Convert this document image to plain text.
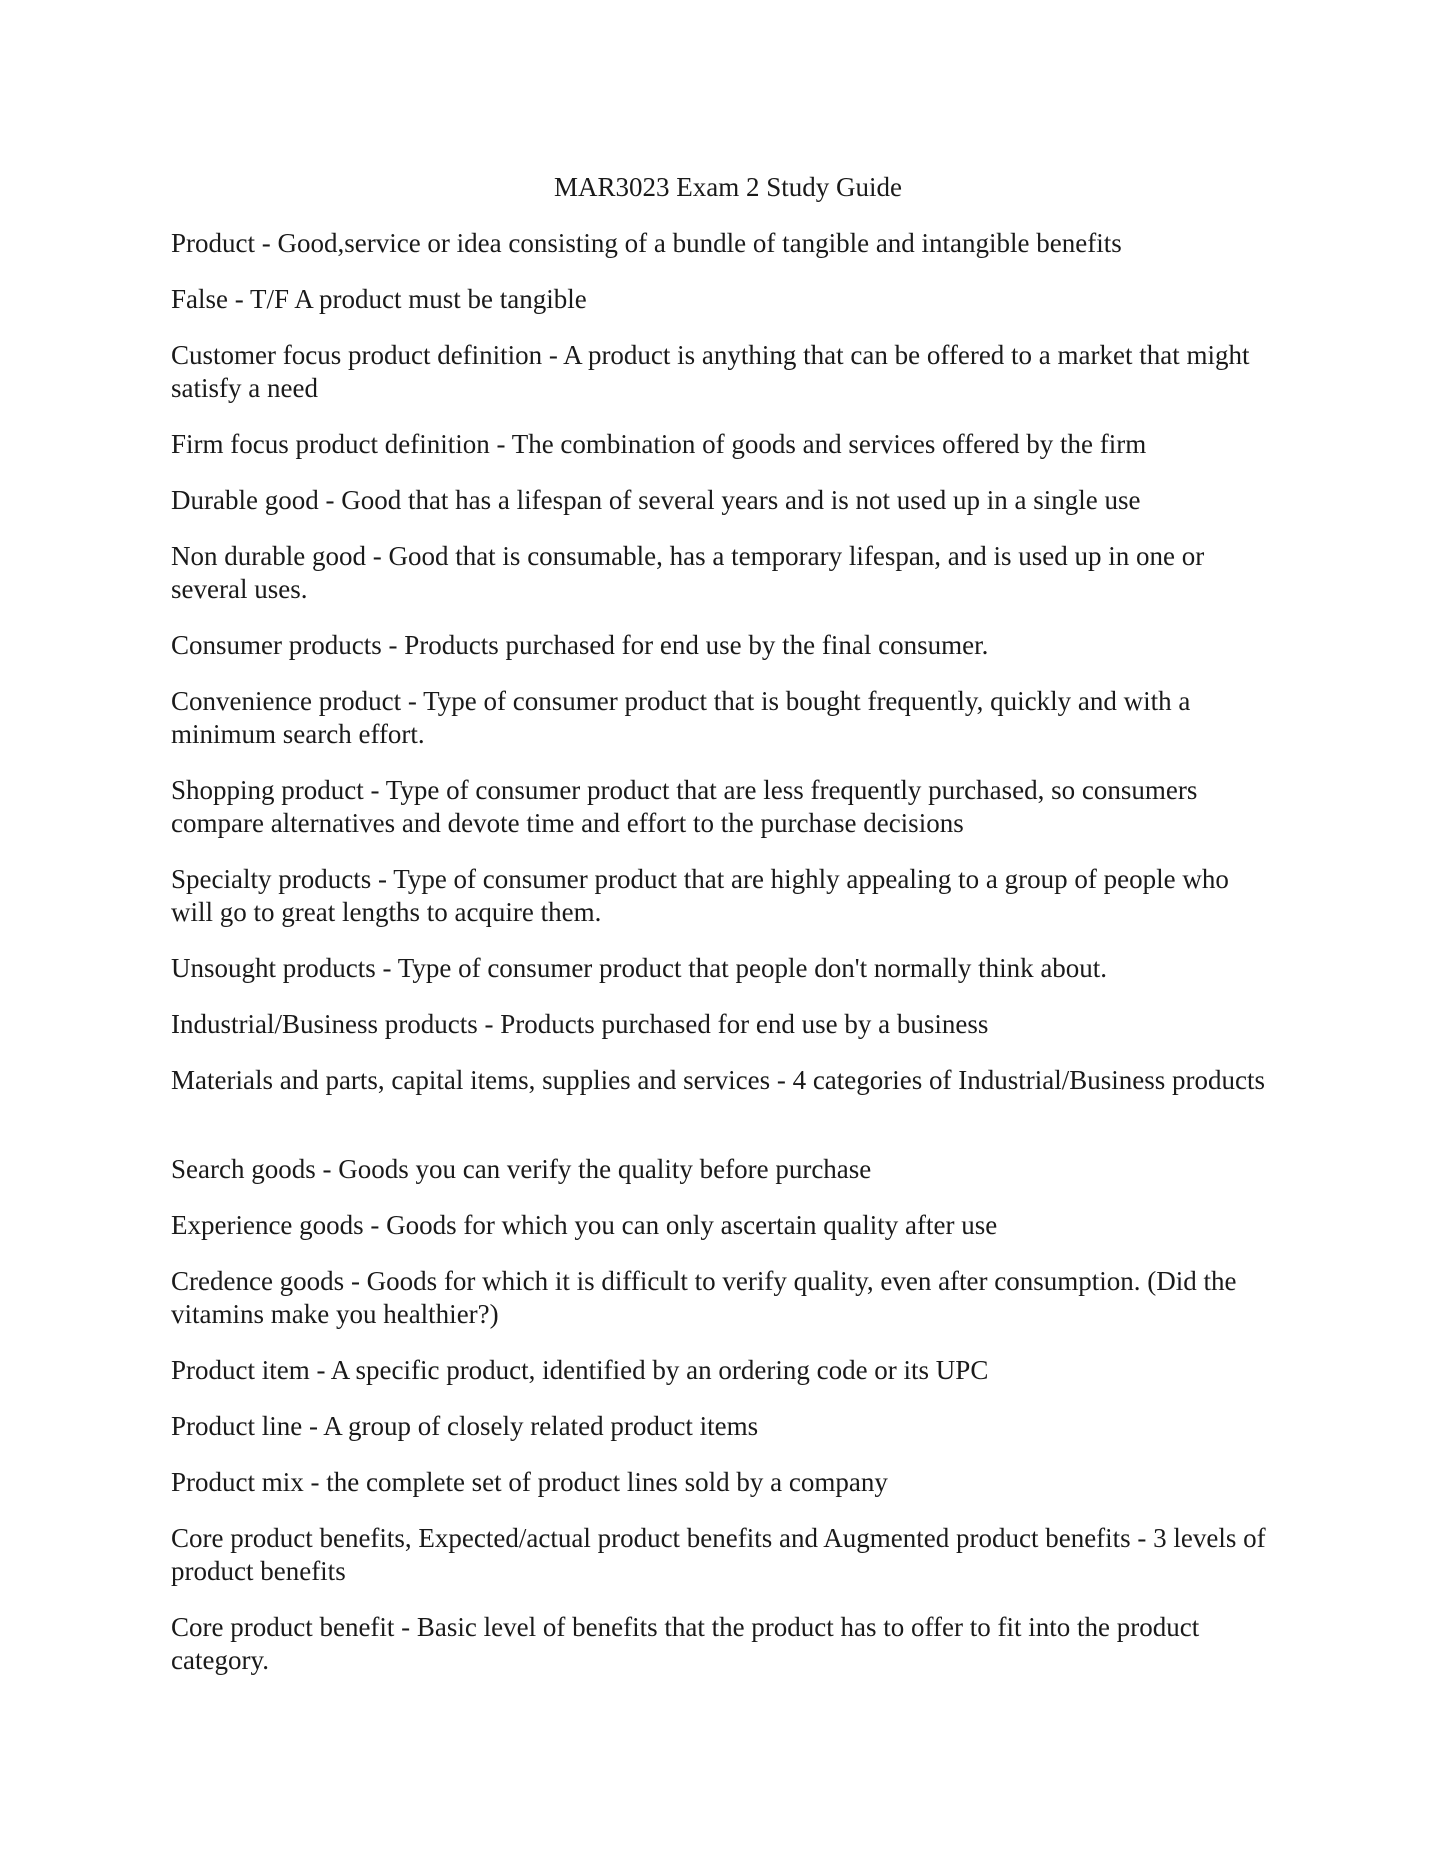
MAR3023 Exam 2 Study Guide
Product - Good,service or idea consisting of a bundle of tangible and intangible benefits
False - T/F A product must be tangible
Customer focus product definition - A product is anything that can be offered to a market that might satisfy a need
Firm focus product definition - The combination of goods and services offered by the firm
Durable good - Good that has a lifespan of several years and is not used up in a single use
Non durable good - Good that is consumable, has a temporary lifespan, and is used up in one or several uses.
Consumer products - Products purchased for end use by the final consumer.
Convenience product - Type of consumer product that is bought frequently, quickly and with a minimum search effort.
Shopping product - Type of consumer product that are less frequently purchased, so consumers compare alternatives and devote time and effort to the purchase decisions
Specialty products - Type of consumer product that are highly appealing to a group of people who will go to great lengths to acquire them.
Unsought products - Type of consumer product that people don't normally think about.
Industrial/Business products - Products purchased for end use by a business
Materials and parts, capital items, supplies and services - 4 categories of Industrial/Business products
Search goods - Goods you can verify the quality before purchase
Experience goods - Goods for which you can only ascertain quality after use
Credence goods - Goods for which it is difficult to verify quality, even after consumption. (Did the vitamins make you healthier?)
Product item - A specific product, identified by an ordering code or its UPC
Product line - A group of closely related product items
Product mix - the complete set of product lines sold by a company
Core product benefits, Expected/actual product benefits and Augmented product benefits - 3 levels of product benefits
Core product benefit - Basic level of benefits that the product has to offer to fit into the product category.
